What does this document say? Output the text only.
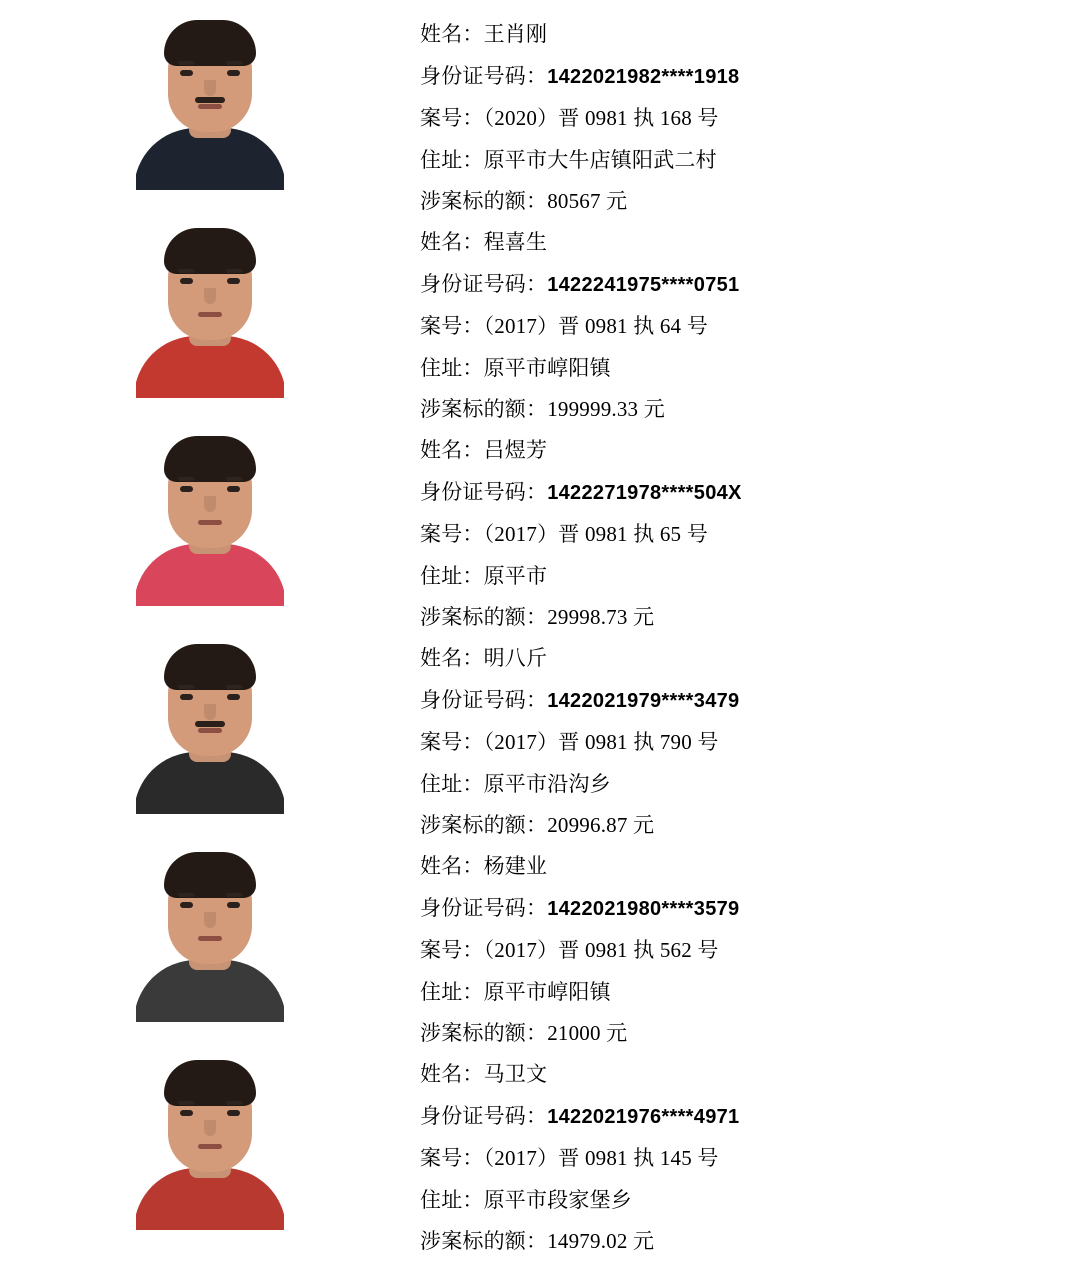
姓名：王肖刚
身份证号码：1422021982****1918
案号：（2020）晋 0981 执 168 号
住址：原平市大牛店镇阳武二村
涉案标的额：80567 元
姓名：程喜生
身份证号码：1422241975****0751
案号：（2017）晋 0981 执 64 号
住址：原平市崞阳镇
涉案标的额：199999.33 元
姓名：吕煜芳
身份证号码：1422271978****504X
案号：（2017）晋 0981 执 65 号
住址：原平市
涉案标的额：29998.73 元
姓名：明八斤
身份证号码：1422021979****3479
案号：（2017）晋 0981 执 790 号
住址：原平市沿沟乡
涉案标的额：20996.87 元
姓名：杨建业
身份证号码：1422021980****3579
案号：（2017）晋 0981 执 562 号
住址：原平市崞阳镇
涉案标的额：21000 元
姓名：马卫文
身份证号码：1422021976****4971
案号：（2017）晋 0981 执 145 号
住址：原平市段家堡乡
涉案标的额：14979.02 元
